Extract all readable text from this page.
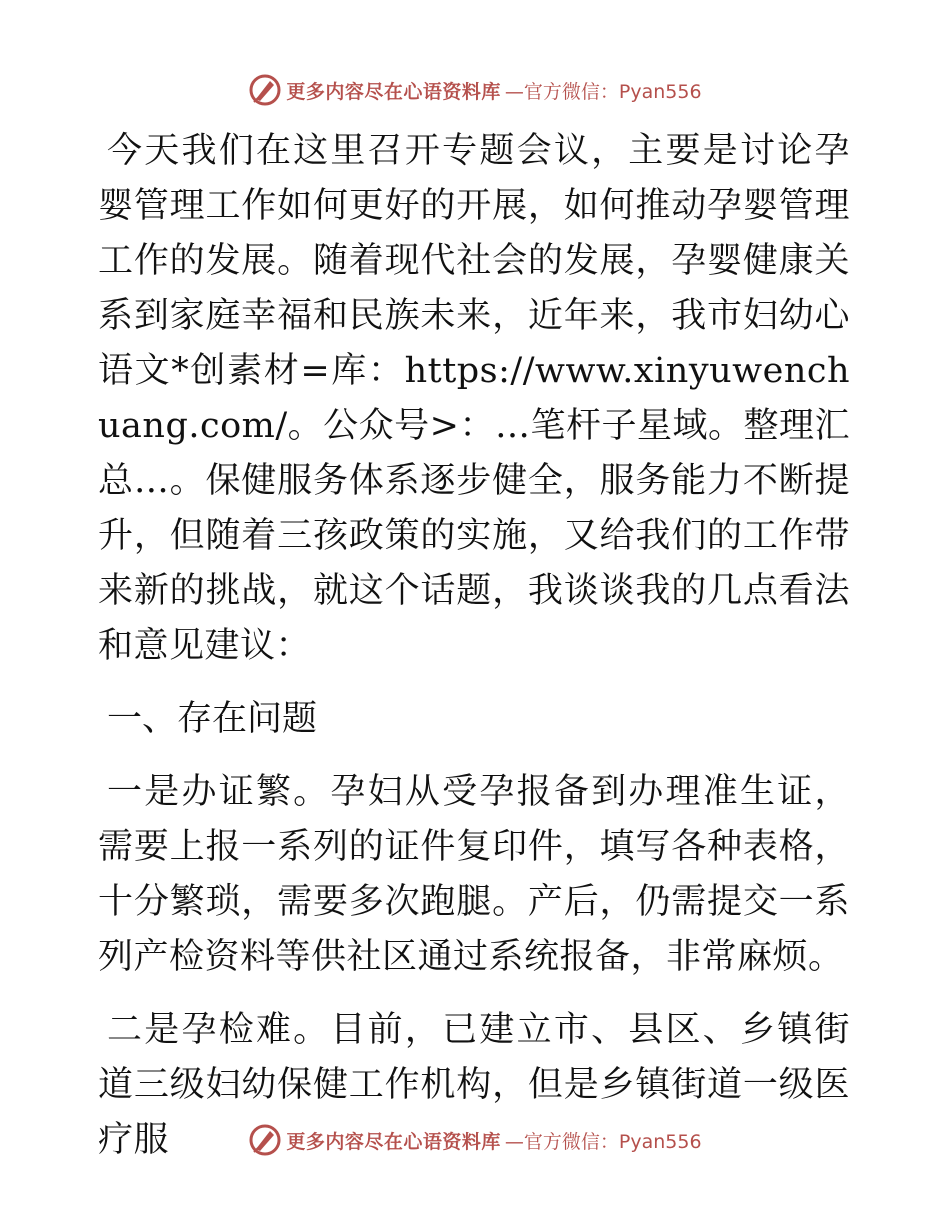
更多内容尽在心语资料库 —官方微信：Pyan556

今天我们在这里召开专题会议，主要是讨论孕婴管理工作如何更好的开展，如何推动孕婴管理工作的发展。随着现代社会的发展，孕婴健康关系到家庭幸福和民族未来，近年来，我市妇幼心语文*创素材=库：https://www.xinyuwenchuang.com/。公众号>：…笔杆子星域。整理汇总…。保健服务体系逐步健全，服务能力不断提升，但随着三孩政策的实施，又给我们的工作带来新的挑战，就这个话题，我谈谈我的几点看法和意见建议：

一、存在问题

一是办证繁。孕妇从受孕报备到办理准生证，需要上报一系列的证件复印件，填写各种表格，十分繁琐，需要多次跑腿。产后，仍需提交一系列产检资料等供社区通过系统报备，非常麻烦。

二是孕检难。目前，已建立市、县区、乡镇街道三级妇幼保健工作机构，但是乡镇街道一级医疗服	更多内容尽在心语资料库 —官方微信：Pyan556
